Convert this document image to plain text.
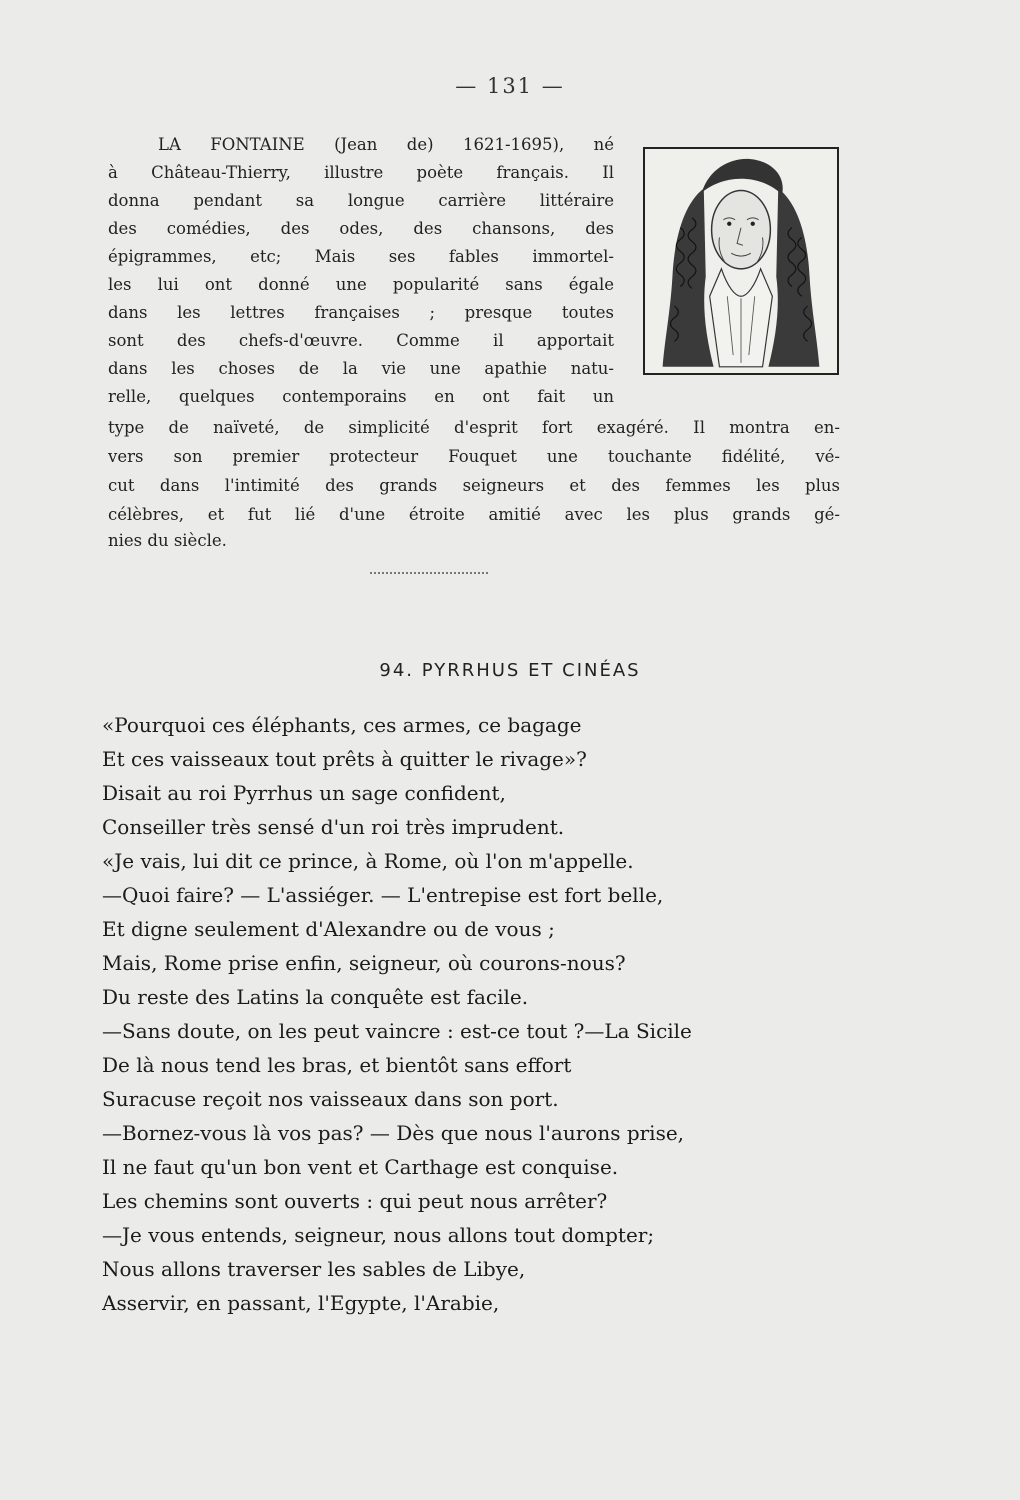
— 131 —
LA FONTAINE (Jean de) 1621-1695), né
à Château-Thierry, illustre poète français. Il
donna pendant sa longue carrière littéraire
des comédies, des odes, des chansons, des
épigrammes, etc; Mais ses fables immortel-
les lui ont donné une popularité sans égale
dans les lettres françaises ; presque toutes
sont des chefs-d'œuvre. Comme il apportait
dans les choses de la vie une apathie natu-
relle, quelques contemporains en ont fait un
type de naïveté, de simplicité d'esprit fort exagéré. Il montra en-
vers son premier protecteur Fouquet une touchante fidélité, vé-
cut dans l'intimité des grands seigneurs et des femmes les plus
célèbres, et fut lié d'une étroite amitié avec les plus grands gé-
nies du siècle.
94. PYRRHUS ET CINÉAS
«Pourquoi ces éléphants, ces armes, ce bagage
Et ces vaisseaux tout prêts à quitter le rivage»?
Disait au roi Pyrrhus un sage confident,
Conseiller très sensé d'un roi très imprudent.
«Je vais, lui dit ce prince, à Rome, où l'on m'appelle.
—Quoi faire? — L'assiéger. — L'entrepise est fort belle,
Et digne seulement d'Alexandre ou de vous ;
Mais, Rome prise enfin, seigneur, où courons-nous?
Du reste des Latins la conquête est facile.
—Sans doute, on les peut vaincre : est-ce tout ?—La Sicile
De là nous tend les bras, et bientôt sans effort
Suracuse reçoit nos vaisseaux dans son port.
—Bornez-vous là vos pas? — Dès que nous l'aurons prise,
Il ne faut qu'un bon vent et Carthage est conquise.
Les chemins sont ouverts : qui peut nous arrêter?
—Je vous entends, seigneur, nous allons tout dompter;
Nous allons traverser les sables de Libye,
Asservir, en passant, l'Egypte, l'Arabie,
